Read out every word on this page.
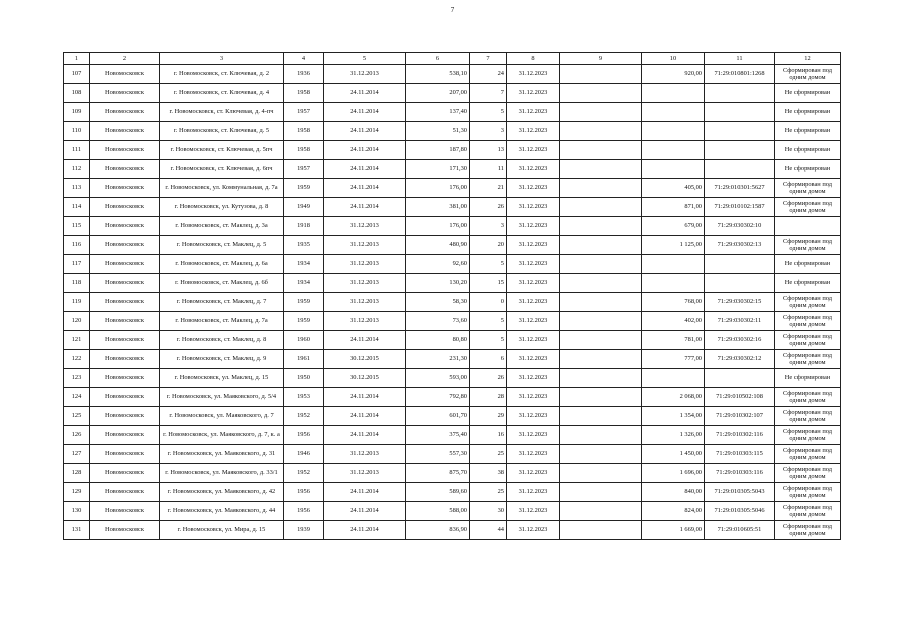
7
1	2	3	4	5	6	7	8	9	10	11	12
107	Новомосковск	г. Новомосковск, ст. Ключевая, д. 2	1936	31.12.2013	538,10	24	31.12.2023		920,00	71:29:010801:1268	Сформирован под одним домом
108	Новомосковск	г. Новомосковск, ст. Ключевая, д. 4	1958	24.11.2014	207,00	7	31.12.2023				Не сформирован
109	Новомосковск	г. Новомосковск, ст. Ключевая, д. 4-пч	1957	24.11.2014	137,40	5	31.12.2023				Не сформирован
110	Новомосковск	г. Новомосковск, ст. Ключевая, д. 5	1958	24.11.2014	51,30	3	31.12.2023				Не сформирован
111	Новомосковск	г. Новомосковск, ст. Ключевая, д. 5пч	1958	24.11.2014	187,80	13	31.12.2023				Не сформирован
112	Новомосковск	г. Новомосковск, ст. Ключевая, д. 6пч	1957	24.11.2014	171,30	11	31.12.2023				Не сформирован
113	Новомосковск	г. Новомосковск, ул. Коммунальная, д. 7а	1959	24.11.2014	176,00	21	31.12.2023		405,00	71:29:010301:5627	Сформирован под одним домом
114	Новомосковск	г. Новомосковск, ул. Кутузова, д. 8	1949	24.11.2014	381,00	26	31.12.2023		871,00	71:29:010102:1587	Сформирован под одним домом
115	Новомосковск	г. Новомосковск, ст. Маклец, д. 3а	1918	31.12.2013	176,00	3	31.12.2023		679,00	71:29:030302:10	
116	Новомосковск	г. Новомосковск, ст. Маклец, д. 5	1935	31.12.2013	480,90	20	31.12.2023		1 125,00	71:29:030302:13	Сформирован под одним домом
117	Новомосковск	г. Новомосковск, ст. Маклец, д. 6а	1934	31.12.2013	92,60	5	31.12.2023				Не сформирован
118	Новомосковск	г. Новомосковск, ст. Маклец, д. 6б	1934	31.12.2013	130,20	15	31.12.2023				Не сформирован
119	Новомосковск	г. Новомосковск, ст. Маклец, д. 7	1959	31.12.2013	58,30	0	31.12.2023		768,00	71:29:030302:15	Сформирован под одним домом
120	Новомосковск	г. Новомосковск, ст. Маклец, д. 7а	1959	31.12.2013	73,60	5	31.12.2023		402,00	71:29:030302:11	Сформирован под одним домом
121	Новомосковск	г. Новомосковск, ст. Маклец, д. 8	1960	24.11.2014	80,80	5	31.12.2023		781,00	71:29:030302:16	Сформирован под одним домом
122	Новомосковск	г. Новомосковск, ст. Маклец, д. 9	1961	30.12.2015	231,30	6	31.12.2023		777,00	71:29:030302:12	Сформирован под одним домом
123	Новомосковск	г. Новомосковск, ул. Маклец, д. 15	1950	30.12.2015	593,00	26	31.12.2023				Не сформирован
124	Новомосковск	г. Новомосковск, ул. Маяковского, д. 5/4	1953	24.11.2014	792,80	28	31.12.2023		2 068,00	71:29:010502:108	Сформирован под одним домом
125	Новомосковск	г. Новомосковск, ул. Маяковского, д. 7	1952	24.11.2014	601,70	29	31.12.2023		1 354,00	71:29:010302:107	Сформирован под одним домом
126	Новомосковск	г. Новомосковск, ул. Маяковского, д. 7, к. а	1956	24.11.2014	375,40	16	31.12.2023		1 326,00	71:29:010302:116	Сформирован под одним домом
127	Новомосковск	г. Новомосковск, ул. Маяковского, д. 31	1946	31.12.2013	557,30	25	31.12.2023		1 450,00	71:29:010303:115	Сформирован под одним домом
128	Новомосковск	г. Новомосковск, ул. Маяковского, д. 33/1	1952	31.12.2013	875,70	38	31.12.2023		1 696,00	71:29:010303:116	Сформирован под одним домом
129	Новомосковск	г. Новомосковск, ул. Маяковского, д. 42	1956	24.11.2014	589,60	25	31.12.2023		840,00	71:29:010305:5043	Сформирован под одним домом
130	Новомосковск	г. Новомосковск, ул. Маяковского, д. 44	1956	24.11.2014	588,00	30	31.12.2023		824,00	71:29:010305:5046	Сформирован под одним домом
131	Новомосковск	г. Новомосковск, ул. Мира, д. 15	1939	24.11.2014	836,90	44	31.12.2023		1 669,00	71:29:010605:51	Сформирован под одним домом
